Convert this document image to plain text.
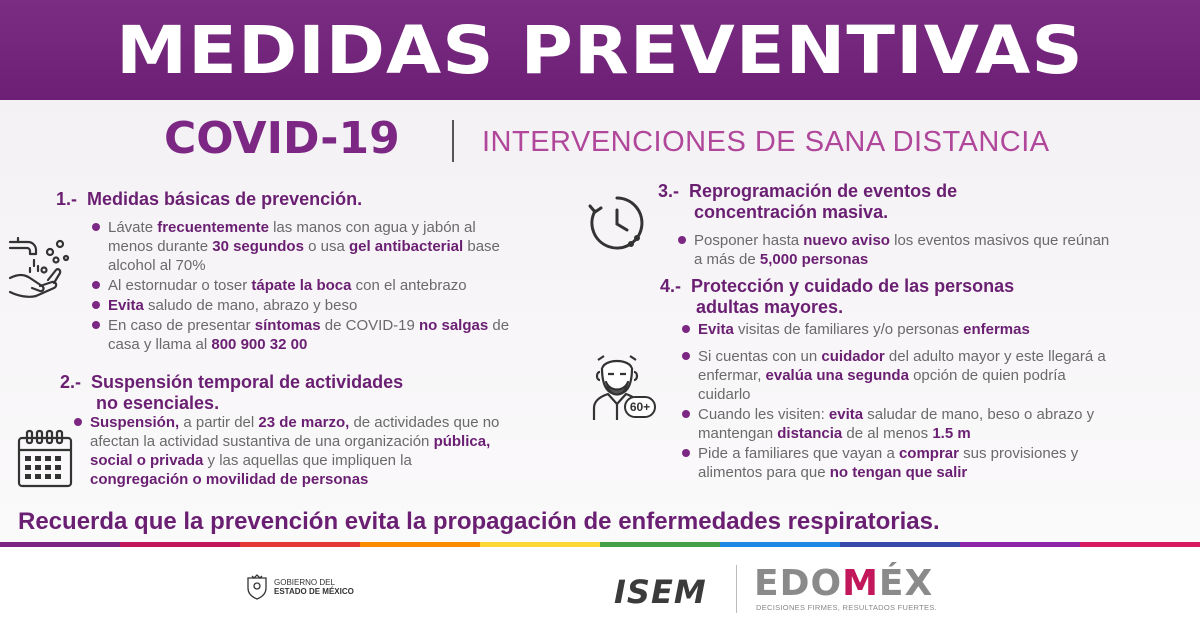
MEDIDAS PREVENTIVAS
COVID-19	INTERVENCIONES DE SANA DISTANCIA
1.- Medidas básicas de prevención.
Lávate frecuentemente las manos con agua y jabón al menos durante 30 segundos o usa gel antibacterial base alcohol al 70%
Al estornudar o toser tápate la boca con el antebrazo
Evita saludo de mano, abrazo y beso
En caso de presentar síntomas de COVID-19 no salgas de casa y llama al 800 900 32 00
2.- Suspensión temporal de actividades
no esenciales.
Suspensión, a partir del 23 de marzo, de actividades que no afectan la actividad sustantiva de una organización pública, social o privada y las aquellas que impliquen la congregación o movilidad de personas
3.- Reprogramación de eventos de
concentración masiva.
Posponer hasta nuevo aviso los eventos masivos que reúnan a más de 5,000 personas
4.- Protección y cuidado de las personas
adultas mayores.
Evita visitas de familiares y/o personas enfermas
Si cuentas con un cuidador del adulto mayor y este llegará a enfermar, evalúa una segunda opción de quien podría cuidarlo
Cuando les visiten: evita saludar de mano, beso o abrazo y mantengan distancia de al menos 1.5 m
Pide a familiares que vayan a comprar sus provisiones y alimentos para que no tengan que salir
60+
Recuerda que la prevención evita la propagación de enfermedades respiratorias.
GOBIERNO DEL
ESTADO DE MÉXICO	ISEM EDOMÉX
DECISIONES FIRMES, RESULTADOS FUERTES.
